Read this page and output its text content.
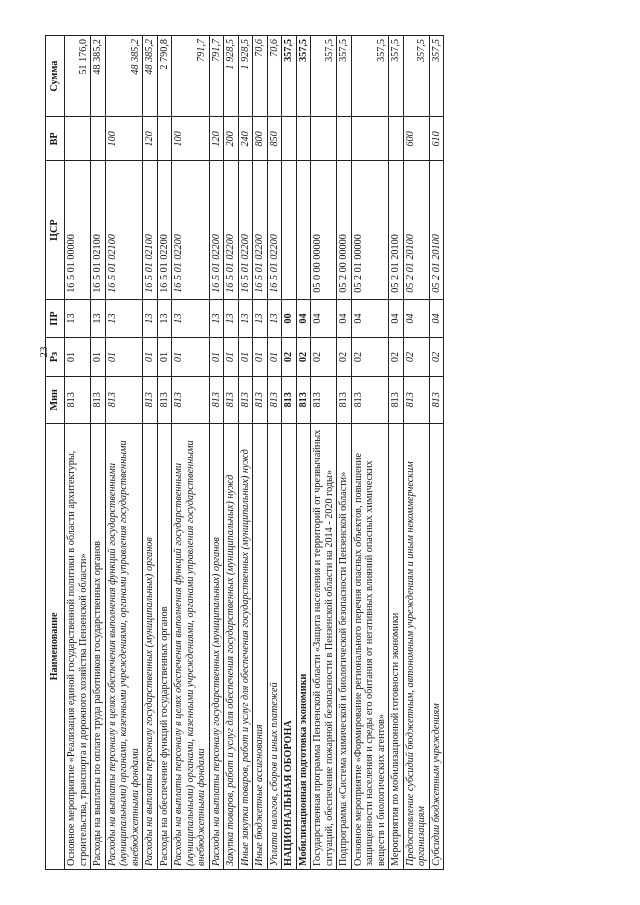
23
Наименование	Мин	Рз	ПР	ЦСР	ВР	Сумма
Основное мероприятие «Реализация единой государственной политики в области архитектуры, строительства, транспорта и дорожного хозяйства Пензенской области»	813	01	13	16 5 01 00000		51 176,0
Расходы на выплаты по оплате труда работников государственных органов	813	01	13	16 5 01 02100		48 385,2
Расходы на выплаты персоналу в целях обеспечения выполнения функций государственными (муниципальными) органами, казенными учреждениями, органами управления государственными внебюджетными фондами	813	01	13	16 5 01 02100	100	48 385,2
Расходы на выплаты персоналу государственных (муниципальных) органов	813	01	13	16 5 01 02100	120	48 385,2
Расходы на обеспечение функций государственных органов	813	01	13	16 5 01 02200		2 790,8
Расходы на выплаты персоналу в целях обеспечения выполнения функций государственными (муниципальными) органами, казенными учреждениями, органами управления государственными внебюджетными фондами	813	01	13	16 5 01 02200	100	791,7
Расходы на выплаты персоналу государственных (муниципальных) органов	813	01	13	16 5 01 02200	120	791,7
Закупка товаров, работ и услуг для обеспечения государственных (муниципальных) нужд	813	01	13	16 5 01 02200	200	1 928,5
Иные закупки товаров, работ и услуг для обеспечения государственных (муниципальных) нужд	813	01	13	16 5 01 02200	240	1 928,5
Иные бюджетные ассигнования	813	01	13	16 5 01 02200	800	70,6
Уплата налогов, сборов и иных платежей	813	01	13	16 5 01 02200	850	70,6
НАЦИОНАЛЬНАЯ ОБОРОНА	813	02	00			357,5
Мобилизационная подготовка экономики	813	02	04			357,5
Государственная программа Пензенской области «Защита населения и территорий от чрезвычайных ситуаций, обеспечение пожарной безопасности в Пензенской области на 2014 - 2020 годы»	813	02	04	05 0 00 00000		357,5
Подпрограмма «Система химической и биологической безопасности Пензенской области»	813	02	04	05 2 00 00000		357,5
Основное мероприятие «Формирование регионального перечня опасных объектов, повышение защищенности населения и среды его обитания от негативных влияний опасных химических веществ и биологических агентов»	813	02	04	05 2 01 00000		357,5
Мероприятия по мобилизационной готовности экономики	813	02	04	05 2 01 20100		357,5
Предоставление субсидий бюджетным, автономным учреждениям и иным некоммерческим организациям	813	02	04	05 2 01 20100	600	357,5
Субсидии бюджетным учреждениям	813	02	04	05 2 01 20100	610	357,5
